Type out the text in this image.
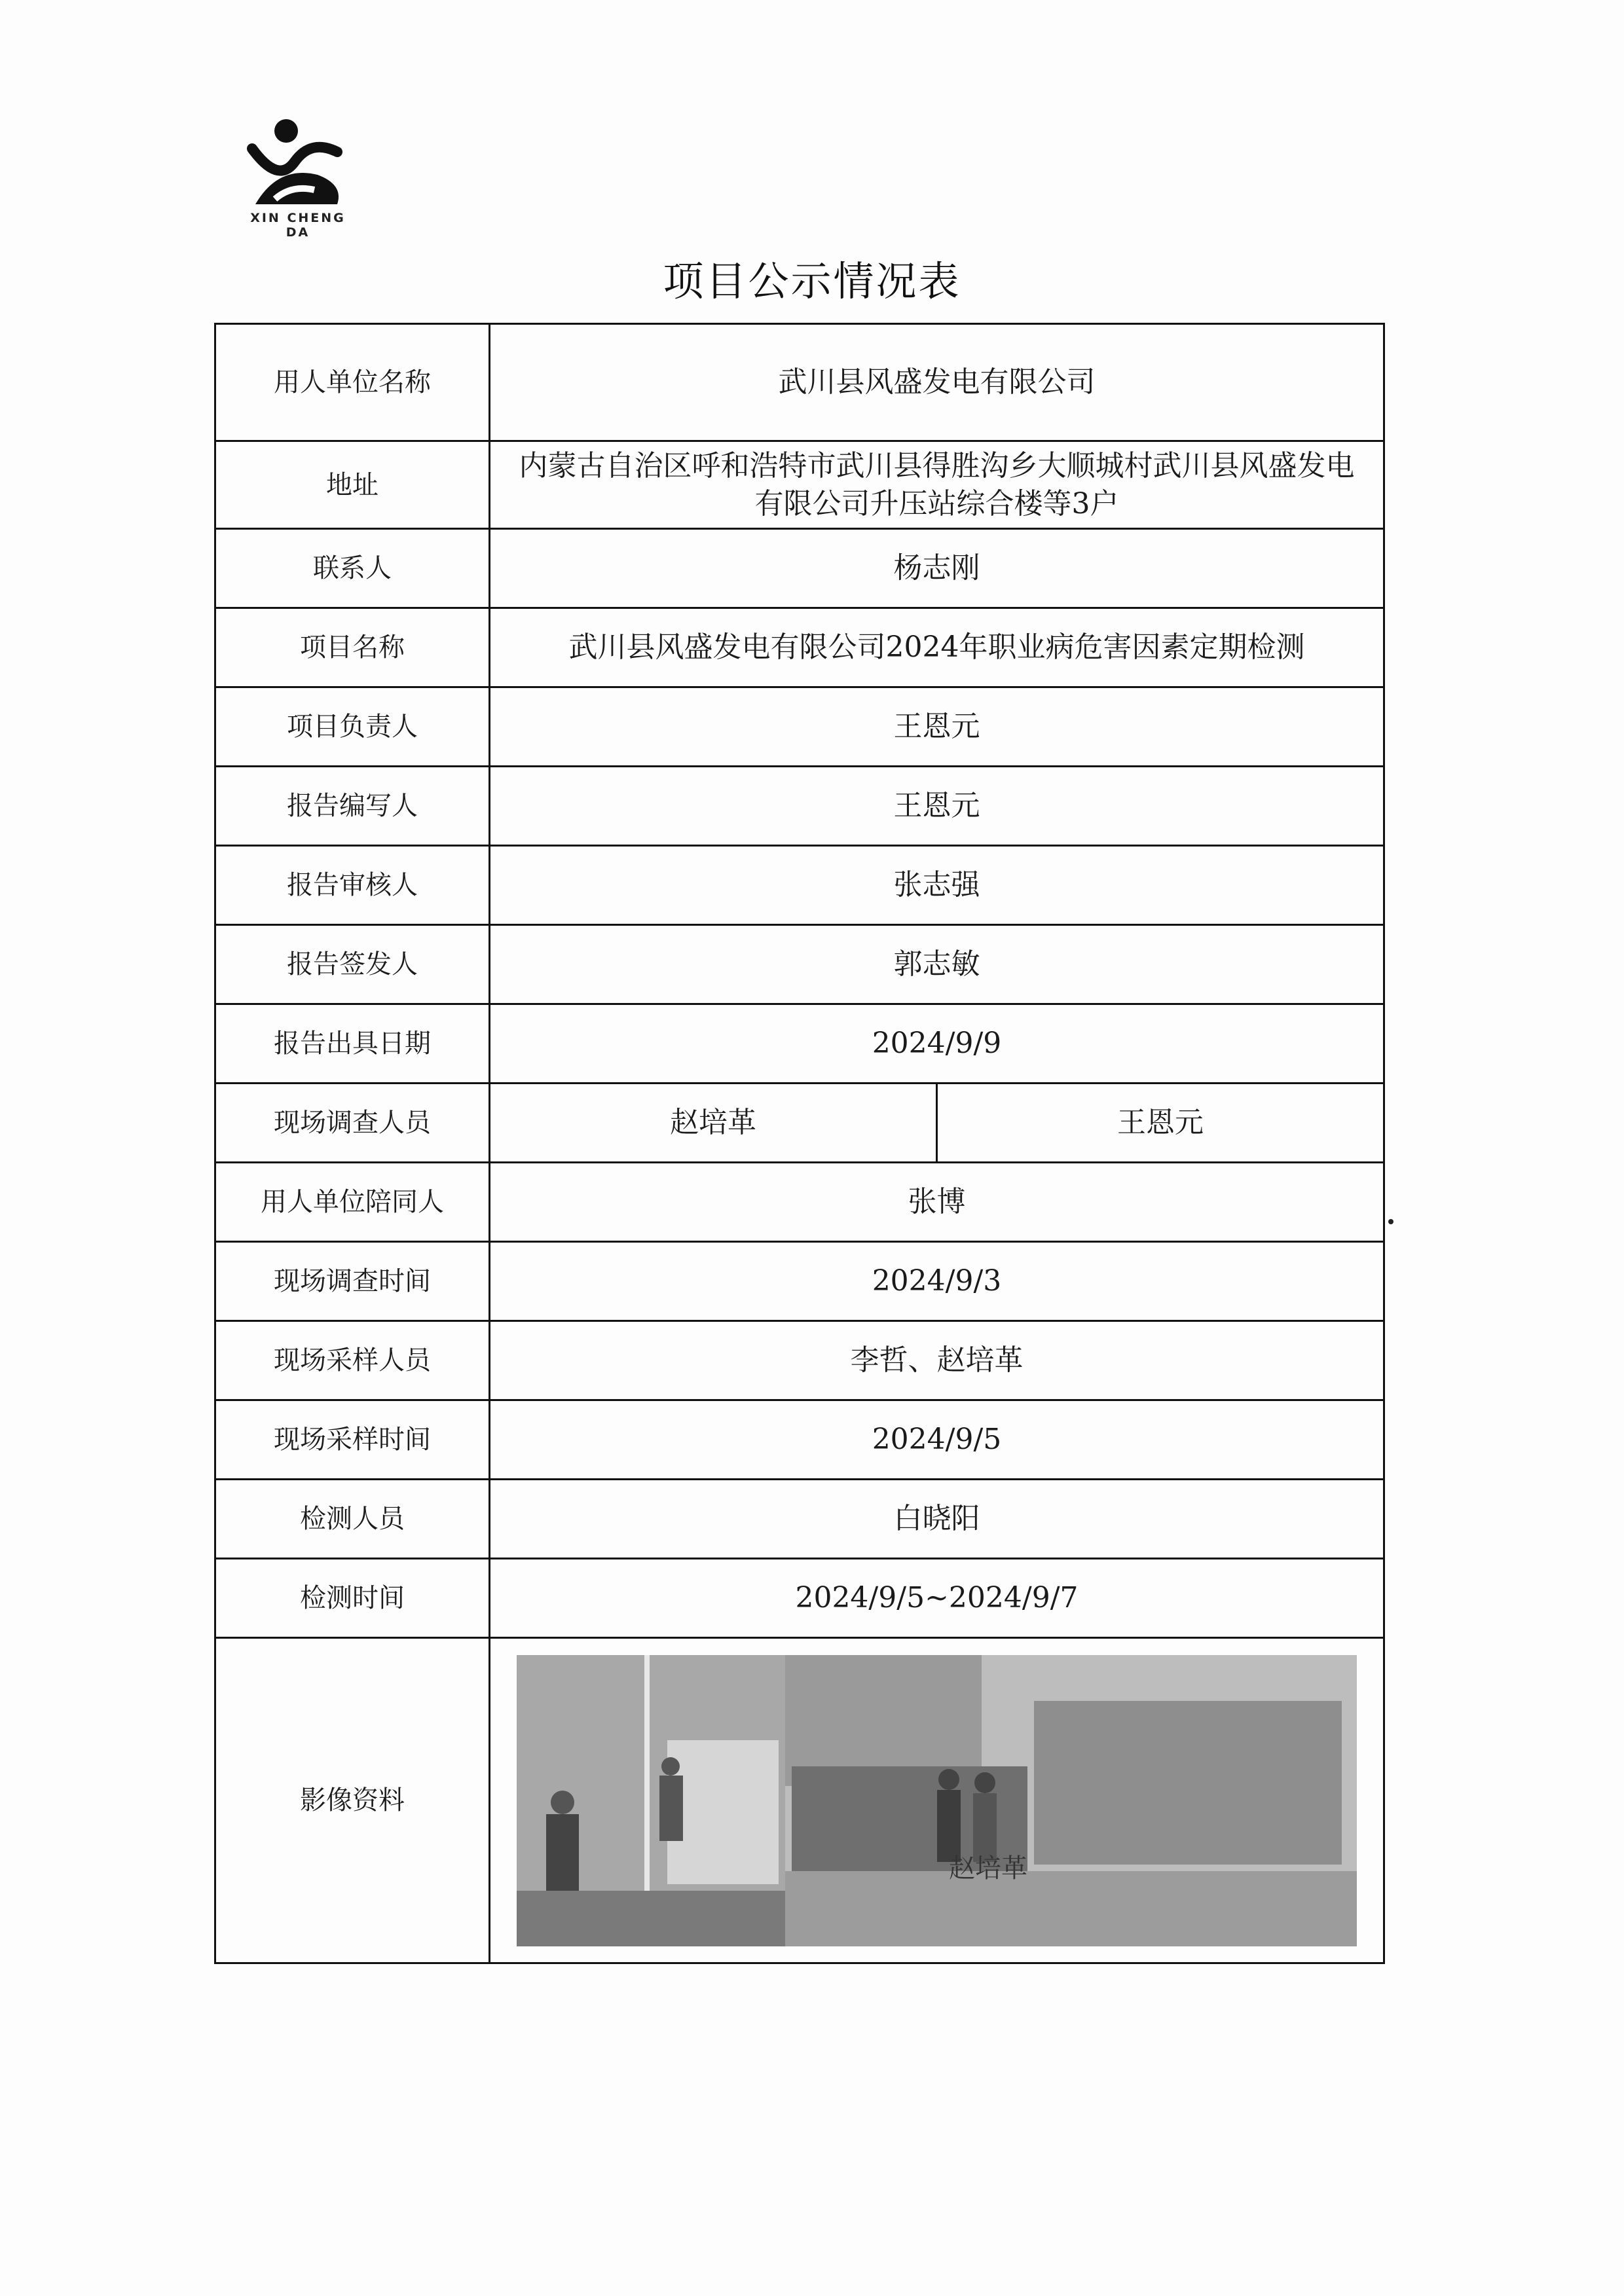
XIN CHENG DA
项目公示情况表
用人单位名称	武川县风盛发电有限公司	
地址	内蒙古自治区呼和浩特市武川县得胜沟乡大顺城村武川县风盛发电有限公司升压站综合楼等3户	
联系人	杨志刚	
项目名称	武川县风盛发电有限公司2024年职业病危害因素定期检测	
项目负责人	王恩元	
报告编写人	王恩元	
报告审核人	张志强	
报告签发人	郭志敏	
报告出具日期	2024/9/9	
现场调查人员	赵培革	王恩元
用人单位陪同人	张博	
现场调查时间	2024/9/3	
现场采样人员	李哲、赵培革	
现场采样时间	2024/9/5	
检测人员	白晓阳	
检测时间	2024/9/5~2024/9/7	
影像资料	赵培革	
